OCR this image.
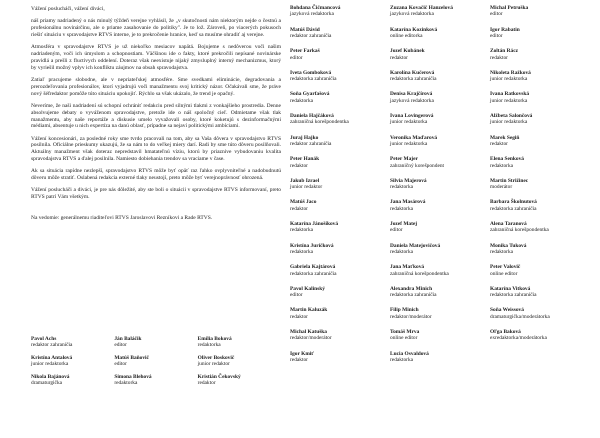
Vážení poslucháči, vážení diváci,

náš priamy nadriadený o nás minulý týždeň verejne vyhlásil, že „v skutočnosti nám niektorým nejde o čestnú a profesionálnu novinárčinu, ale o priame zasahovanie do politiky". Je to lož. Zároveň, po viacerých pokusoch riešiť situáciu v spravodajstve RTVS interne, je to prekročenie hranice, keď sa musíme ohradiť aj verejne.

Atmosféra v spravodajstve RTVS je už niekoľko mesiacov napätá. Bojujeme s nedôverou voči našim nadriadeným, voči ich úmyslom a schopnostiam. Väčšinou ide o fakty, ktoré prekročili nepísané novinárske pravidlá a prešli z fluctivych oddelení. Doteraz však neexistuje nijaký zmysluplný interný mechanizmus, ktorý by vyriešil možný vplyv ich konfliktu záujmov na obsah spravodajstva.

Zatiaľ pracujeme slobodne, ale v nepriateľskej atmosfére. Sme svedkami eliminácie, degradovania a prerozdeľovania profesionálov, ktorí vyjadrujú voči manažmentu svoj kritický názor. Očakávali sme, že práve nový šéfredaktor pomôže túto situáciu upokojiť. Rýchlo sa však ukázalo, že trend je opačný.

Neveríme, že naši nadriadení sú schopní ochrániť redakciu pred silnými tlakmi z vonkajšieho prostredia. Denne absolvujeme debaty o vyváženom spravodajstve, pretože ide o náš spoločný cieľ. Odmietame však tlak manažmentu, aby naše reportáže a diskusie umelo vyvažovali osoby, ktoré koketujú s dezinformačnými médiami, absentuje u nich expertíza na danú oblasť, prípadne sa nejaví politickými ambíciami.

Vážení koncesionári, za posledné roky sme tvrdo pracovali na tom, aby sa Vaša dôvera v spravodajstvo RTVS posilnila. Oficiálne prieskumy ukazujú, že sa nám to do veľkej miery darí. Radi by sme túto dôveru posilňovali. Aktuálny manažment však doteraz nepredstavil hmatateľnú víziu, ktorú by priaznive vybudovaniu kvalita spravodajstva RTVS a ďalej posilnila. Namiesto dobiehania trendov sa vraciame v čase.

Ak sa situácia rapídne nezlepší, spravodajstvo RTVS môže byť opäť raz ľahko ovplyvniteľné a nadobudnutú dôveru môže stratiť. Oslabená redakcia externé tlaky neustojí, preto môže byť verejnoprávnosť ohrozená.

Vážení poslucháči a diváci, je pre nás dôležité, aby ste boli o situácii v spravodajstve RTVS informovaní, preto RTVS patrí Vám všetkým.

Na vedomie: generálnemu riaditeľovi RTVS Jaroslavovi Rezníkovi a Rade RTVS.

Pavol Achs
redaktor zahraničia
Ján Baláčik
editor
Emília Boková
redaktorka
Kristína Antalová
junior redaktorka
Matúš Baňovič
editor
Oliver Boskovič
junior redaktor
Nikola Bajánová
dramaturgička
Simona Blehová
redaktorka
Kristián Čekovský
redaktor
Bohdana Čičmancová
jazyková redaktorka
Matúš Dávid
redaktor zahraničia
Peter Farkaš
editor
Iveta Gomboková
redaktorka zahraničia
Soňa Gyarfašová
redaktorka
Daniela Hajčáková
zahraničná korešpondentka
Juraj Hajko
redaktor zahraničia
Peter Hanák
redaktor
Jakub Izrael
junior redaktor
Matúš Jaco
redaktor
Katarína Jánošíková
redaktorka
Kristína Juričková
redaktorka
Gabriela Kajtárová
redaktorka zahraničia
Pavol Kalinský
editor
Martin Kaluzák
redaktor
Michal Katuška
redaktor/moderátor
Igor Kmiť
redaktor
Zuzana Kovačič Hanzelová
jazyková redaktorka
Katarína Kozinková
online editorka
Jozef Kubánek
redaktor
Karolína Kučerová
redaktorka zahraničia
Denisa Krajčírová
jazyková redaktorka
Ivana Lovingerová
junior redaktorka
Veronika Maďarová
junior redaktorka
Peter Majer
zahraničný korešpondent
Silvia Majerová
redaktorka
Jana Masárová
redaktorka
Jozef Matej
editor
Daniela Matejovičová
redaktorka
Jana Maťková
zahraničná korešpondentka
Alexandra Minich
redaktorka zahraničia
Filip Minich
redaktor/moderátor
Tomáš Mrva
online editor
Lucia Osvaldová
redaktorka
Michal Petruška
editor
Igor Rabatin
editor
Zoltán Rácz
redaktor
Nikoleta Ražková
junior redaktorka
Ivana Ratkovská
junior redaktorka
Alžbeta Salončová
junior redaktorka
Marek Segiň
redaktor
Elena Senková
redaktorka
Martin Strižinec
moderátor
Barbara Školnutová
redaktorka zahraničia
Alena Taranová
zahraničná korešpondentka
Monika Tuková
redaktorka
Peter Valovič
online editor
Katarína Vitková
redaktorka zahraničia
Soňa Weissová
dramaturgička/moderátorka
Oľga Baková
exredaktorka/moderátorka
